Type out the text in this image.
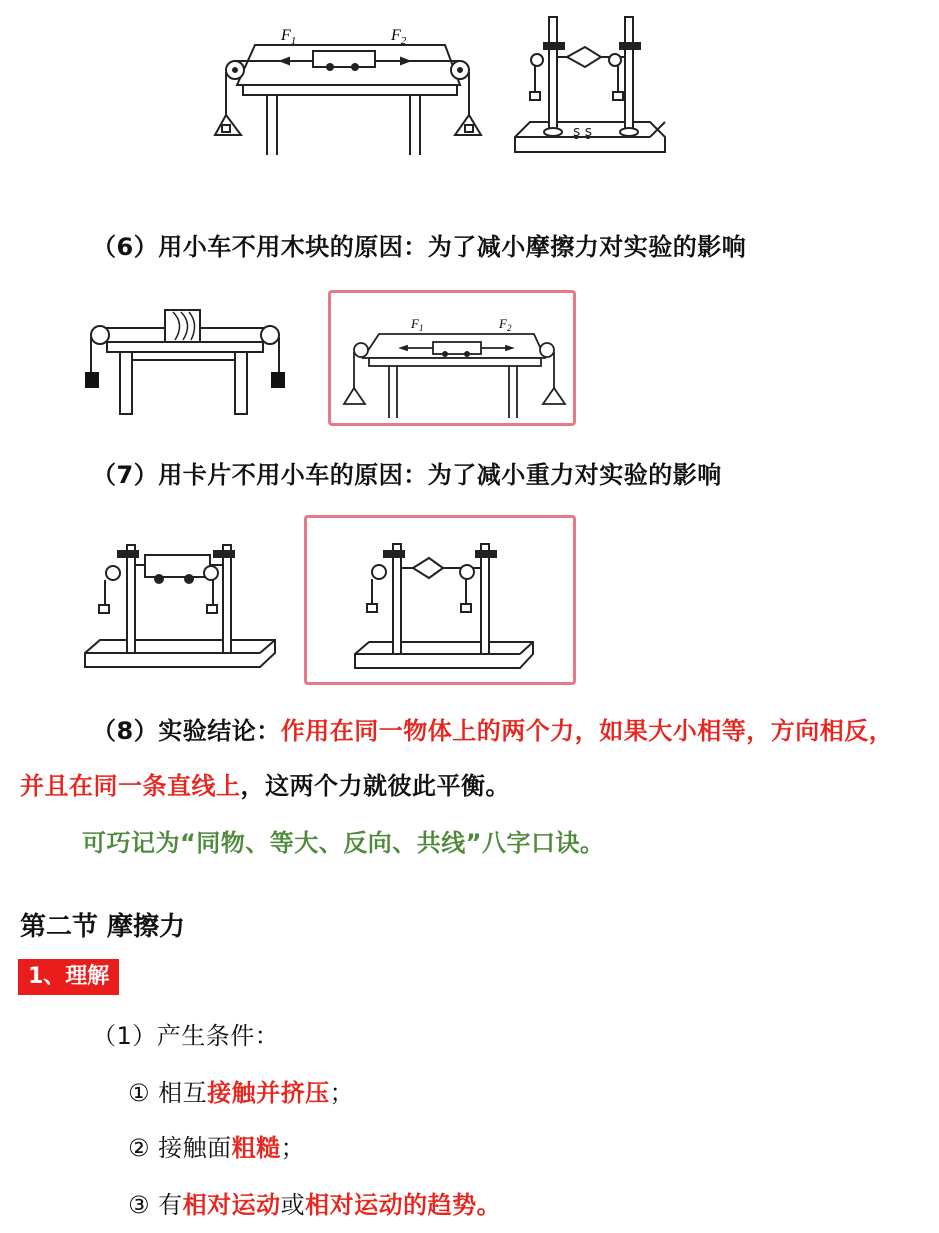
$F_1$	$F_2$
ʂ ʂ
（6）用小车不用木块的原因：为了减小摩擦力对实验的影响
$F_1$	$F_2$
（7）用卡片不用小车的原因：为了减小重力对实验的影响
（8）实验结论：作用在同一物体上的两个力，如果大小相等，方向相反，
并且在同一条直线上，这两个力就彼此平衡。
可巧记为“同物、等大、反向、共线”八字口诀。
第二节 摩擦力
1、理解
（1）产生条件：
① 相互接触并挤压；
② 接触面粗糙；
③ 有相对运动或相对运动的趋势。
